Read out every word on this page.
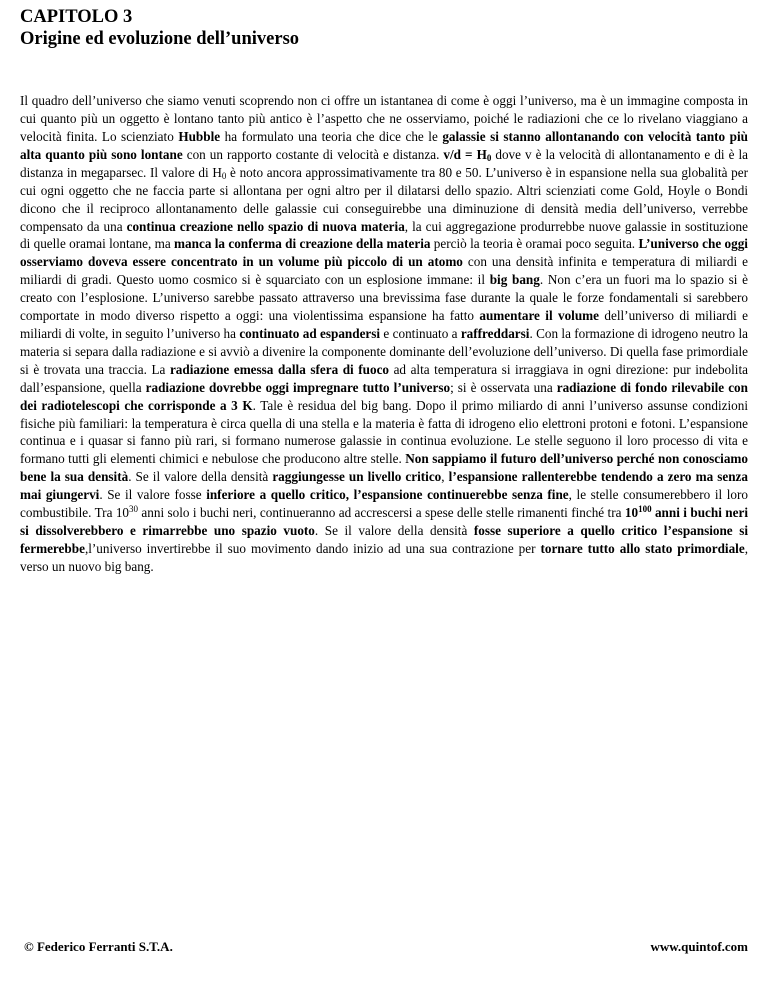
CAPITOLO 3
Origine ed evoluzione dell’universo

Il quadro dell’universo che siamo venuti scoprendo non ci offre un istantanea di come è oggi l’universo, ma è un immagine composta in cui quanto più un oggetto è lontano tanto più antico è l’aspetto che ne osserviamo, poiché le radiazioni che ce lo rivelano viaggiano a velocità finita. Lo scienziato Hubble ha formulato una teoria che dice che le galassie si stanno allontanando con velocità tanto più alta quanto più sono lontane con un rapporto costante di velocità e distanza. $v/d = H_0$ dove v è la velocità di allontanamento e di è la distanza in megaparsec. Il valore di $H_0$ è noto ancora approssimativamente tra 80 e 50. L’universo è in espansione nella sua globalità per cui ogni oggetto che ne faccia parte si allontana per ogni altro per il dilatarsi dello spazio. Altri scienziati come Gold, Hoyle o Bondi dicono che il reciproco allontanamento delle galassie cui conseguirebbe una diminuzione di densità media dell’universo, verrebbe compensato da una continua creazione nello spazio di nuova materia, la cui aggregazione produrrebbe nuove galassie in sostituzione di quelle oramai lontane, ma manca la conferma di creazione della materia perciò la teoria è oramai poco seguita. L’universo che oggi osserviamo doveva essere concentrato in un volume più piccolo di un atomo con una densità infinita e temperatura di miliardi e miliardi di gradi. Questo uomo cosmico si è squarciato con un esplosione immane: il big bang. Non c’era un fuori ma lo spazio si è creato con l’esplosione. L’universo sarebbe passato attraverso una brevissima fase durante la quale le forze fondamentali si sarebbero comportate in modo diverso rispetto a oggi: una violentissima espansione ha fatto aumentare il volume dell’universo di miliardi e miliardi di volte, in seguito l’universo ha continuato ad espandersi e continuato a raffreddarsi. Con la formazione di idrogeno neutro la materia si separa dalla radiazione e si avviò a divenire la componente dominante dell’evoluzione dell’universo. Di quella fase primordiale si è trovata una traccia. La radiazione emessa dalla sfera di fuoco ad alta temperatura si irraggiava in ogni direzione: pur indebolita dall’espansione, quella radiazione dovrebbe oggi impregnare tutto l’universo; si è osservata una radiazione di fondo rilevabile con dei radiotelescopi che corrisponde a 3 K. Tale è residua del big bang. Dopo il primo miliardo di anni l’universo assunse condizioni fisiche più familiari: la temperatura è circa quella di una stella e la materia è fatta di idrogeno elio elettroni protoni e fotoni. L’espansione continua e i quasar si fanno più rari, si formano numerose galassie in continua evoluzione. Le stelle seguono il loro processo di vita e formano tutti gli elementi chimici e nebulose che producono altre stelle. Non sappiamo il futuro dell’universo perché non conosciamo bene la sua densità. Se il valore della densità raggiungesse un livello critico, l’espansione rallenterebbe tendendo a zero ma senza mai giungervi. Se il valore fosse inferiore a quello critico, l’espansione continuerebbe senza fine, le stelle consumerebbero il loro combustibile. Tra $10^{30}$ anni solo i buchi neri, continueranno ad accrescersi a spese delle stelle rimanenti finché tra $10^{100}$ anni i buchi neri si dissolverebbero e rimarrebbe uno spazio vuoto. Se il valore della densità fosse superiore a quello critico l’espansione si fermerebbe,l’universo invertirebbe il suo movimento dando inizio ad una sua contrazione per tornare tutto allo stato primordiale, verso un nuovo big bang.

© Federico Ferranti S.T.A.	www.quintof.com
